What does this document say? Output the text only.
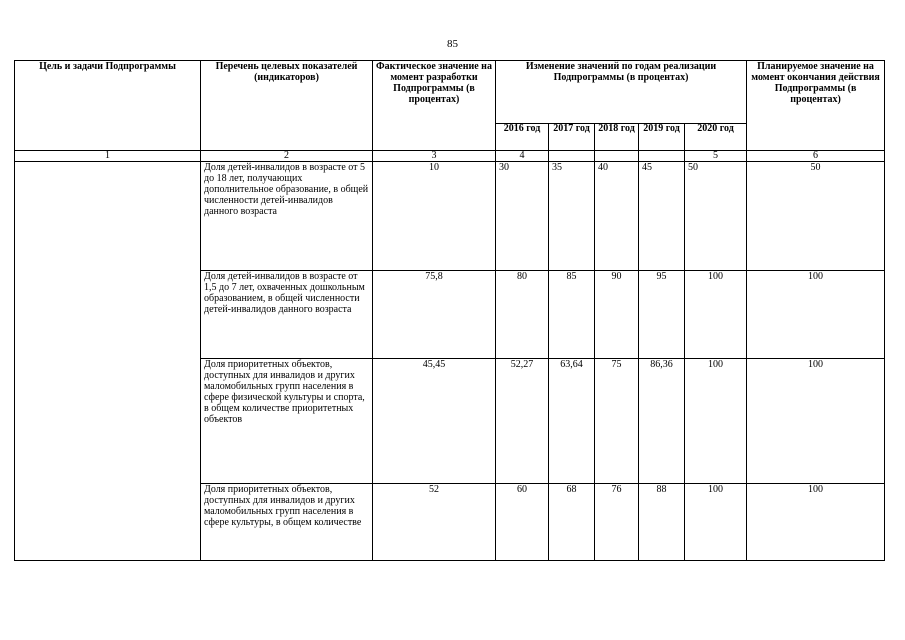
85
Цель и задачи Подпрограммы	Перечень целевых показателей (индикаторов)	Фактическое значение на момент разработки Подпрограммы (в процентах)	Изменение значений по годам реализации Подпрограммы (в процентах)					Планируемое значение на момент окончания действия Подпрограммы (в процентах)
			2016 год	2017 год	2018 год	2019 год	2020 год	
1	2	3	4				5	6
	Доля детей-инвалидов в возрасте от 5 до 18 лет, получающих дополнительное образование, в общей численности детей-инвалидов данного возраста	10	30	35	40	45	50	50
	Доля детей-инвалидов в возрасте от 1,5 до 7 лет, охваченных дошкольным образованием, в общей численности детей-инвалидов данного возраста	75,8	80	85	90	95	100	100
	Доля приоритетных объектов, доступных для инвалидов и других маломобильных групп населения в сфере физической культуры и спорта, в общем количестве приоритетных объектов	45,45	52,27	63,64	75	86,36	100	100
	Доля приоритетных объектов, доступных для инвалидов и других маломобильных групп населения в сфере культуры, в общем количестве	52	60	68	76	88	100	100
